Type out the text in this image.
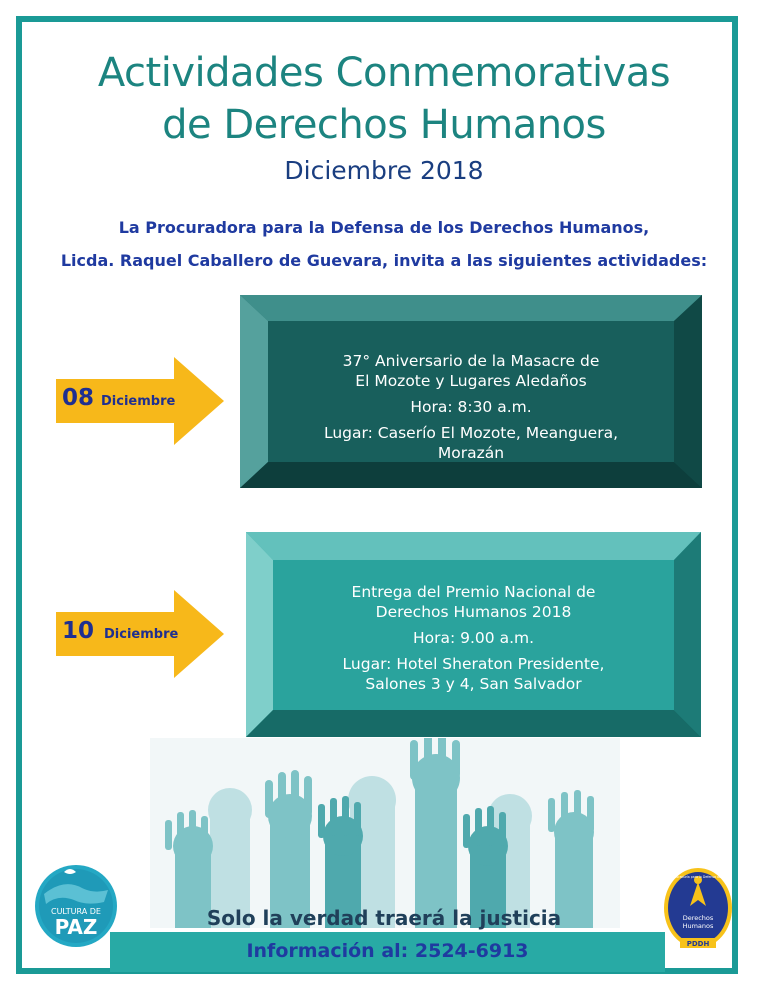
Actividades Conmemorativas
de Derechos Humanos
Diciembre 2018
La Procuradora para la Defensa de los Derechos Humanos,
Licda. Raquel Caballero de Guevara, invita a las siguientes actividades:
08 Diciembre
37° Aniversario de la Masacre de
El Mozote y Lugares Aledaños
Hora: 8:30 a.m.
Lugar: Caserío El Mozote, Meanguera,
Morazán
10 Diciembre
Entrega del Premio Nacional de
Derechos Humanos 2018
Hora: 9.00 a.m.
Lugar: Hotel Sheraton Presidente,
Salones 3 y 4, San Salvador
CULTURA DE
PAZ	Solo la verdad traerá la justicia
Información al: 2524-6913
Procuraduría para la Defensa de los
Derechos
Humanos
PDDH
